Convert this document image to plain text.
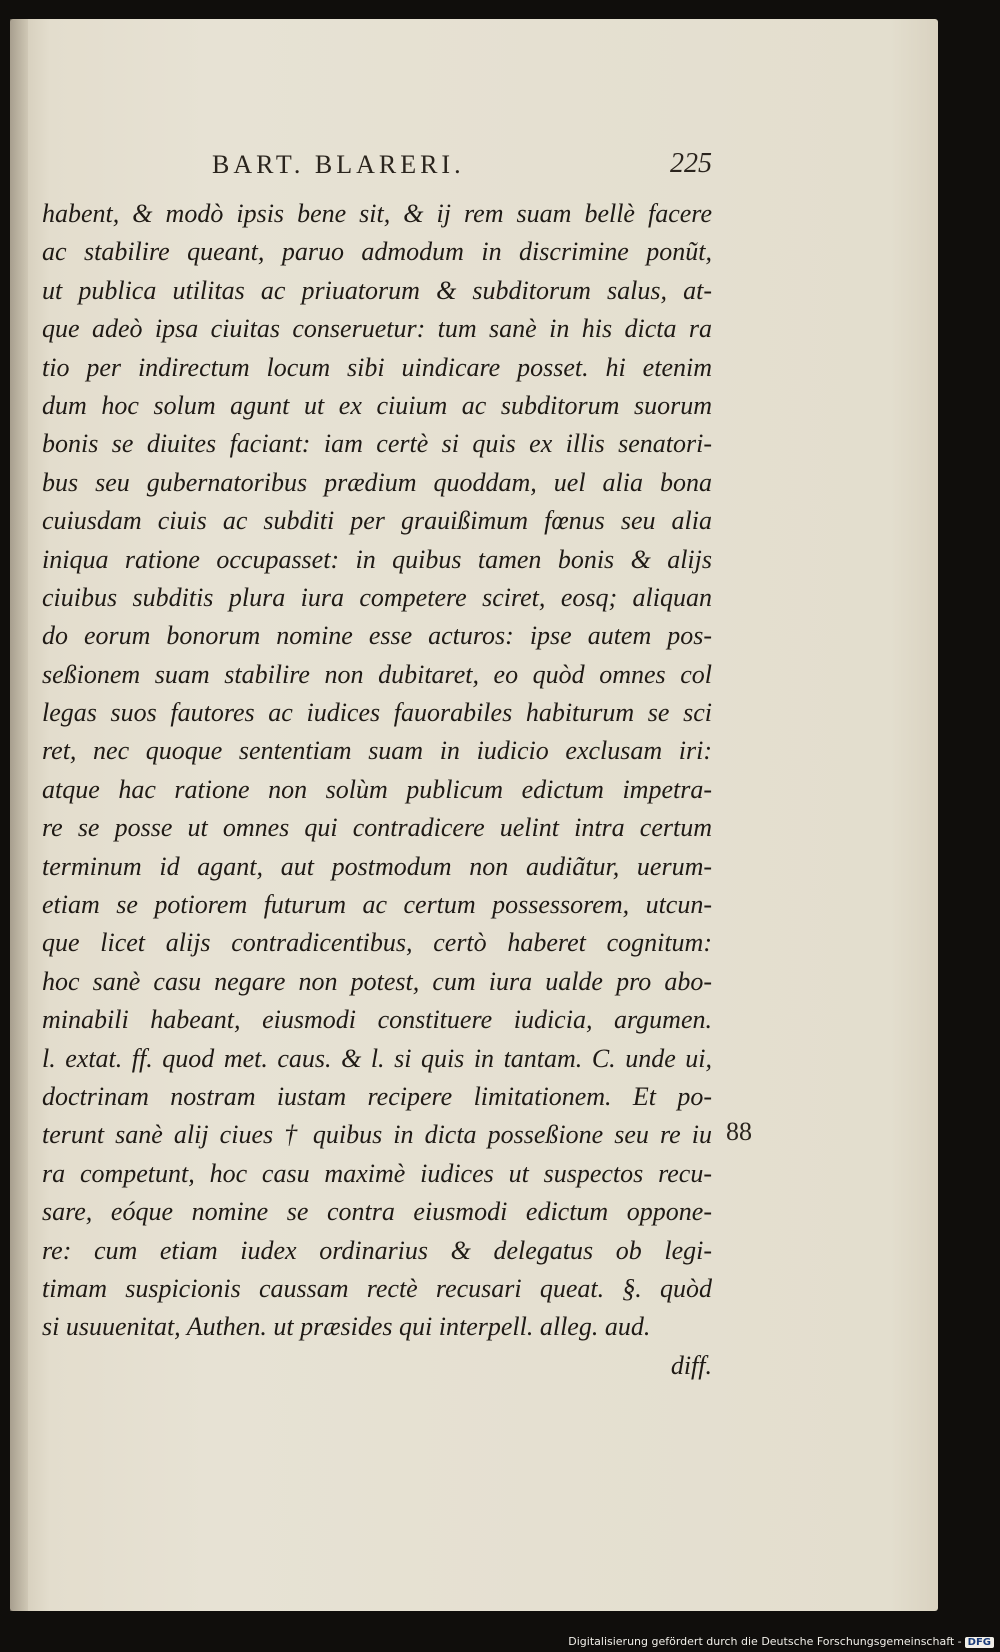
BART. BLARERI.	225
habent, & modò ipsis bene sit, & ij rem suam bellè facere
ac stabilire queant, paruo admodum in discrimine ponũt,
ut publica utilitas ac priuatorum & subditorum salus, at-
que adeò ipsa ciuitas conseruetur: tum sanè in his dicta ra
tio per indirectum locum sibi uindicare posset. hi etenim
dum hoc solum agunt ut ex ciuium ac subditorum suorum
bonis se diuites faciant: iam certè si quis ex illis senatori-
bus seu gubernatoribus prædium quoddam, uel alia bona
cuiusdam ciuis ac subditi per grauißimum fœnus seu alia
iniqua ratione occupasset: in quibus tamen bonis & alijs
ciuibus subditis plura iura competere sciret, eosq; aliquan
do eorum bonorum nomine esse acturos: ipse autem pos-
seßionem suam stabilire non dubitaret, eo quòd omnes col
legas suos fautores ac iudices fauorabiles habiturum se sci
ret, nec quoque sententiam suam in iudicio exclusam iri:
atque hac ratione non solùm publicum edictum impetra-
re se posse ut omnes qui contradicere uelint intra certum
terminum id agant, aut postmodum non audiãtur, uerum-
etiam se potiorem futurum ac certum possessorem, utcun-
que licet alijs contradicentibus, certò haberet cognitum:
hoc sanè casu negare non potest, cum iura ualde pro abo-
minabili habeant, eiusmodi constituere iudicia, argumen.
l. extat. ff. quod met. caus. & l. si quis in tantam. C. unde ui,
doctrinam nostram iustam recipere limitationem. Et po-
terunt sanè alij ciues † quibus in dicta posseßione seu re iu
ra competunt, hoc casu maximè iudices ut suspectos recu-
sare, eóque nomine se contra eiusmodi edictum oppone-
re: cum etiam iudex ordinarius & delegatus ob legi-
timam suspicionis caussam rectè recusari queat. §. quòd
si usuuenitat, Authen. ut præsides qui interpell. alleg. aud.
diff.
88
Digitalisierung gefördert durch die Deutsche Forschungsgemeinschaft - DFG
